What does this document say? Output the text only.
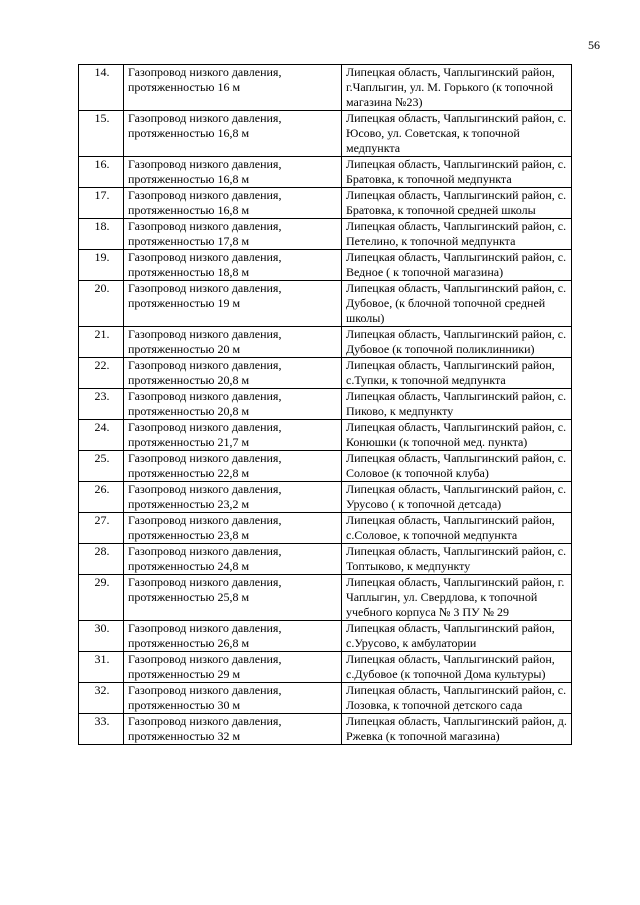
56
14.	Газопровод низкого давления, протяженностью 16 м	Липецкая область, Чаплыгинский район, г.Чаплыгин, ул. М. Горького (к топочной магазина №23)
15.	Газопровод низкого давления, протяженностью 16,8 м	Липецкая область, Чаплыгинский район, с. Юсово, ул. Советская, к топочной медпункта
16.	Газопровод низкого давления, протяженностью 16,8 м	Липецкая область, Чаплыгинский район, с. Братовка, к топочной медпункта
17.	Газопровод низкого давления, протяженностью 16,8 м	Липецкая область, Чаплыгинский район, с. Братовка, к топочной средней школы
18.	Газопровод низкого давления, протяженностью 17,8 м	Липецкая область, Чаплыгинский район, с. Петелино, к топочной медпункта
19.	Газопровод низкого давления, протяженностью 18,8 м	Липецкая область, Чаплыгинский район, с. Ведное ( к топочной магазина)
20.	Газопровод низкого давления, протяженностью 19 м	Липецкая область, Чаплыгинский район, с. Дубовое, (к блочной топочной средней школы)
21.	Газопровод низкого давления, протяженностью 20 м	Липецкая область, Чаплыгинский район, с. Дубовое (к топочной поликлинники)
22.	Газопровод низкого давления, протяженностью 20,8 м	Липецкая область, Чаплыгинский район, с.Тупки, к топочной медпункта
23.	Газопровод низкого давления, протяженностью 20,8 м	Липецкая область, Чаплыгинский район, с. Пиково, к медпункту
24.	Газопровод низкого давления, протяженностью 21,7 м	Липецкая область, Чаплыгинский район, с. Конюшки (к топочной мед. пункта)
25.	Газопровод низкого давления, протяженностью 22,8 м	Липецкая область, Чаплыгинский район, с. Соловое (к топочной клуба)
26.	Газопровод низкого давления, протяженностью 23,2 м	Липецкая область, Чаплыгинский район, с. Урусово ( к топочной детсада)
27.	Газопровод низкого давления, протяженностью 23,8 м	Липецкая область, Чаплыгинский район, с.Соловое, к топочной медпункта
28.	Газопровод низкого давления, протяженностью 24,8 м	Липецкая область, Чаплыгинский район, с. Топтыково, к медпункту
29.	Газопровод низкого давления, протяженностью 25,8 м	Липецкая область, Чаплыгинский район, г. Чаплыгин, ул. Свердлова, к топочной учебного корпуса № 3 ПУ № 29
30.	Газопровод низкого давления, протяженностью 26,8 м	Липецкая область, Чаплыгинский район, с.Урусово, к амбулатории
31.	Газопровод низкого давления, протяженностью 29 м	Липецкая область, Чаплыгинский район, с.Дубовое (к топочной Дома культуры)
32.	Газопровод низкого давления, протяженностью 30 м	Липецкая область, Чаплыгинский район, с. Лозовка, к топочной детского сада
33.	Газопровод низкого давления, протяженностью 32 м	Липецкая область, Чаплыгинский район, д. Ржевка (к топочной магазина)
